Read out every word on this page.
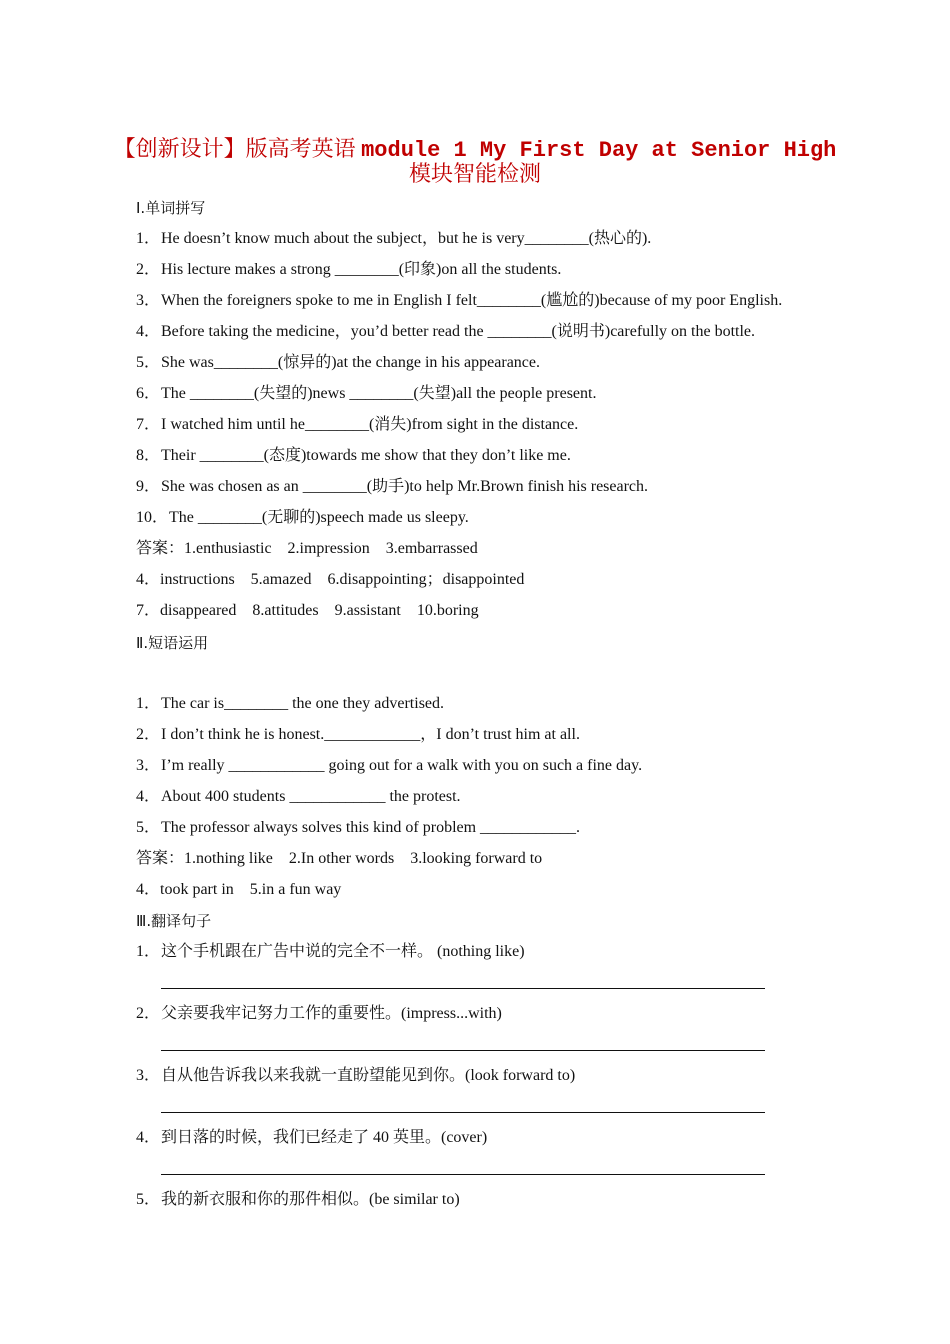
【创新设计】版高考英语 module 1 My First Day at Senior High
模块智能检测
Ⅰ.单词拼写
1．He doesn’t know much about the subject，but he is very________(热心的).
2．His lecture makes a strong ________(印象)on all the students.
3．When the foreigners spoke to me in English I felt________(尴尬的)because of my poor English.
4．Before taking the medicine，you’d better read the ________(说明书)carefully on the bottle.
5．She was________(惊异的)at the change in his appearance.
6．The ________(失望的)news ________(失望)all the people present.
7．I watched him until he________(消失)from sight in the distance.
8．Their ________(态度)towards me show that they don’t like me.
9．She was chosen as an ________(助手)to help Mr.Brown finish his research.
10．The ________(无聊的)speech made us sleepy.
答案：1.enthusiastic　2.impression　3.embarrassed
4．instructions　5.amazed　6.disappointing；disappointed
7．disappeared　8.attitudes　9.assistant　10.boring
Ⅱ.短语运用
1．The car is________ the one they advertised.
2．I don’t think he is honest.____________，I don’t trust him at all.
3．I’m really ____________ going out for a walk with you on such a fine day.
4．About 400 students ____________ the protest.
5．The professor always solves this kind of problem ____________.
答案：1.nothing like　2.In other words　3.looking forward to
4．took part in　5.in a fun way
Ⅲ.翻译句子
1．这个手机跟在广告中说的完全不一样。 (nothing like)
2．父亲要我牢记努力工作的重要性。(impress...with)
3．自从他告诉我以来我就一直盼望能见到你。(look forward to)
4．到日落的时候，我们已经走了 40 英里。(cover)
5．我的新衣服和你的那件相似。(be similar to)
